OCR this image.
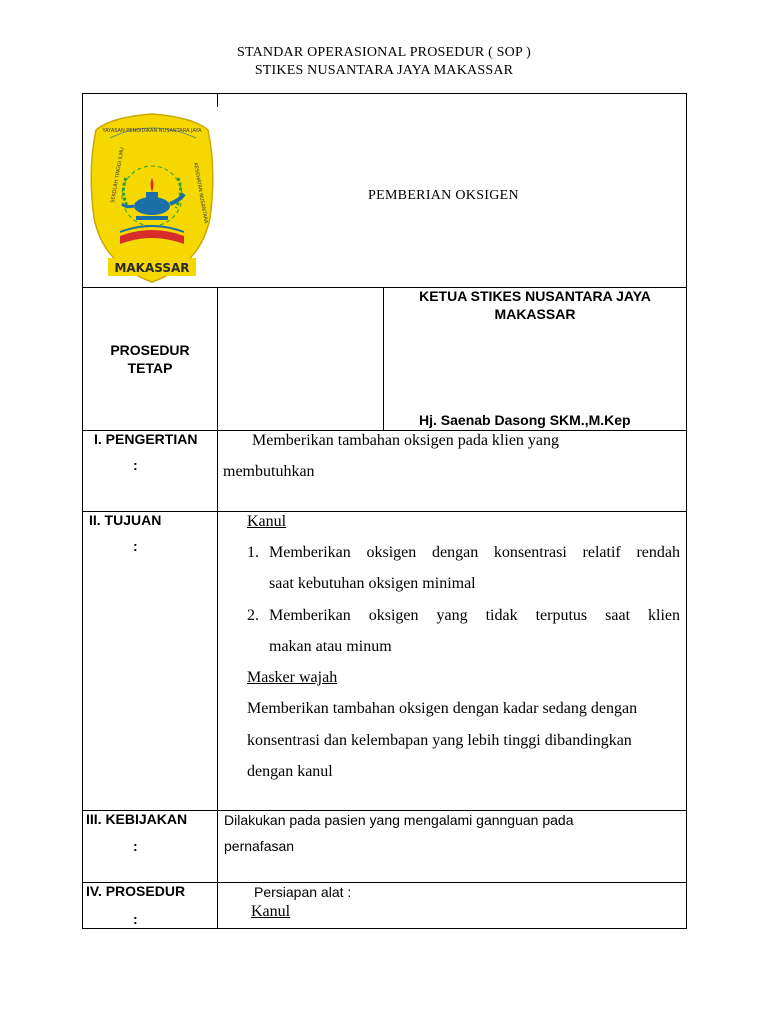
STANDAR OPERASIONAL PROSEDUR ( SOP )
STIKES NUSANTARA JAYA MAKASSAR
YAYASAN PENDIDIKAN NUSANTARA JAYA
SEKOLAH TINGGI ILMU	KESEHATAN NUSANTARA
MAKASSAR
PEMBERIAN OKSIGEN
PROSEDUR
TETAP
KETUA STIKES NUSANTARA JAYA
MAKASSAR
Hj. Saenab Dasong SKM.,M.Kep
I. PENGERTIAN
:
Memberikan tambahan oksigen pada klien yang
membutuhkan
II. TUJUAN
:
Kanul
1. Memberikan oksigen dengan konsentrasi relatif rendah
saat kebutuhan oksigen minimal
2. Memberikan oksigen yang tidak terputus saat klien
makan atau minum
Masker wajah
Memberikan tambahan oksigen dengan kadar sedang dengan
konsentrasi dan kelembapan yang lebih tinggi dibandingkan
dengan kanul
III. KEBIJAKAN
:
Dilakukan pada pasien yang mengalami gannguan pada
pernafasan
IV. PROSEDUR
:
Persiapan alat :
Kanul
